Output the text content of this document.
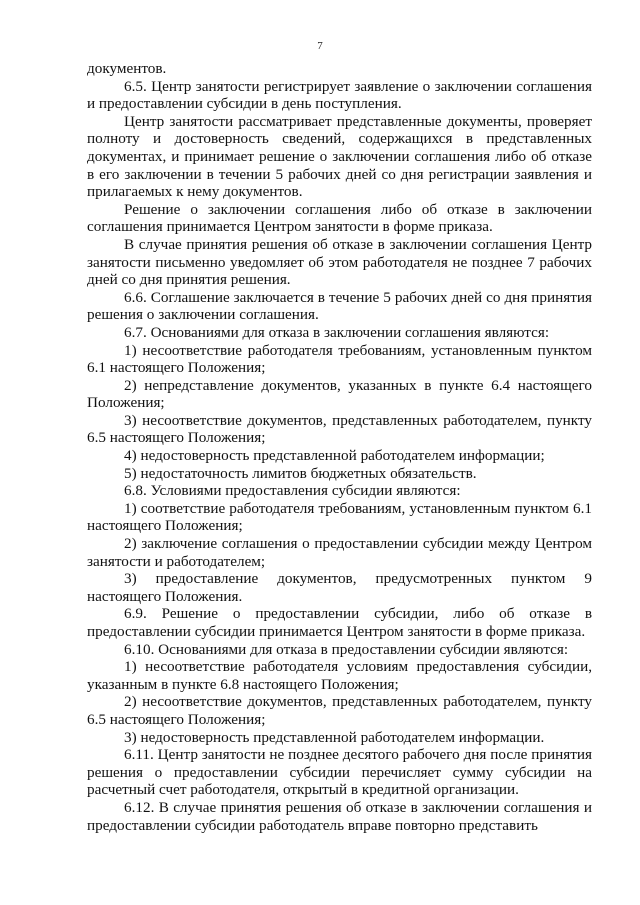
7

документов.

6.5. Центр занятости регистрирует заявление о заключении соглашения и предоставлении субсидии в день поступления.

Центр занятости рассматривает представленные документы, проверяет полноту и достоверность сведений, содержащихся в представленных документах, и принимает решение о заключении соглашения либо об отказе в его заключении в течении 5 рабочих дней со дня регистрации заявления и прилагаемых к нему документов.

Решение о заключении соглашения либо об отказе в заключении соглашения принимается Центром занятости в форме приказа.

В случае принятия решения об отказе в заключении соглашения Центр занятости письменно уведомляет об этом работодателя не позднее 7 рабочих дней со дня принятия решения.

6.6. Соглашение заключается в течение 5 рабочих дней со дня принятия решения о заключении соглашения.

6.7. Основаниями для отказа в заключении соглашения являются:

1) несоответствие работодателя требованиям, установленным пунктом 6.1 настоящего Положения;

2) непредставление документов, указанных в пункте 6.4 настоящего Положения;

3) несоответствие документов, представленных работодателем, пункту 6.5 настоящего Положения;

4) недостоверность представленной работодателем информации;

5) недостаточность лимитов бюджетных обязательств.

6.8. Условиями предоставления субсидии являются:

1) соответствие работодателя требованиям, установленным пунктом 6.1 настоящего Положения;

2) заключение соглашения о предоставлении субсидии между Центром занятости и работодателем;

3) предоставление документов, предусмотренных пунктом 9 настоящего Положения.

6.9. Решение о предоставлении субсидии, либо об отказе в предоставлении субсидии принимается Центром занятости в форме приказа.

6.10. Основаниями для отказа в предоставлении субсидии являются:

1) несоответствие работодателя условиям предоставления субсидии, указанным в пункте 6.8 настоящего Положения;

2) несоответствие документов, представленных работодателем, пункту 6.5 настоящего Положения;

3) недостоверность представленной работодателем информации.

6.11. Центр занятости не позднее десятого рабочего дня после принятия решения о предоставлении субсидии перечисляет сумму субсидии на расчетный счет работодателя, открытый в кредитной организации.

6.12. В случае принятия решения об отказе в заключении соглашения и предоставлении субсидии работодатель вправе повторно представить
